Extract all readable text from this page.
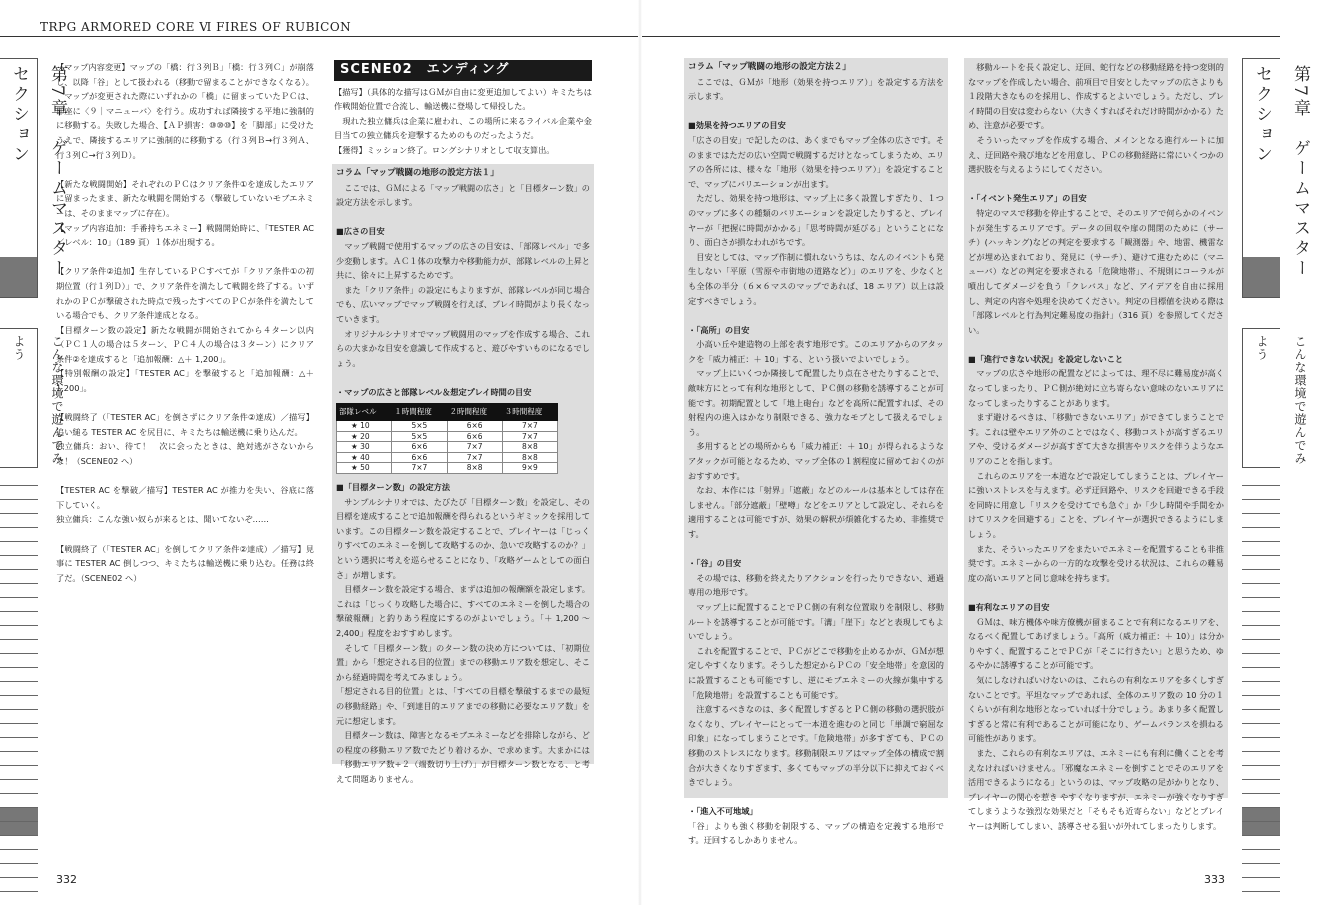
TRPG ARMORED CORE Ⅵ FIRES OF RUBICON
第7章　ゲームマスターセクション
こんな環境で遊んでみよう
第7章　ゲームマスターセクション
こんな環境で遊んでみよう

【マップ内容変更】マップの「橋：行３列Ｂ」「橋：行３列Ｃ」が崩落し、以降「谷」として扱われる（移動で留まることができなくなる）。

　マップが変更された際にいずれかの「橋」に留まっていたＰＣは、即座に〈９｜マニューバ〉を行う。成功すれば隣接する平地に強制的に移動する。失敗した場合、【ＡＰ損害：⑩⑩⑩】を「脚部」に受けたうえで、隣接するエリアに強制的に移動する（行３列Ｂ→行３列Ａ、行３列Ｃ→行３列Ｄ）。

【新たな戦闘開始】それぞれのＰＣはクリア条件①を達成したエリアに留まったまま、新たな戦闘を開始する（撃破していないモブエネミーは、そのままマップに存在）。

【マップ内容追加：手番持ちエネミー】戦闘開始時に、「TESTER AC／レベル：10」（189 頁）１体が出現する。

【クリア条件②追加】生存しているＰＣすべてが「クリア条件①の初期位置（行１列Ｄ）」で、クリア条件を満たして戦闘を終了する。いずれかのＰＣが撃破された時点で残ったすべてのＰＣが条件を満たしている場合でも、クリア条件達成となる。

【目標ターン数の設定】新たな戦闘が開始されてから４ターン以内（ＰＣ１人の場合は５ターン、ＰＣ４人の場合は３ターン）にクリア条件②を達成すると「追加報酬：△＋ 1,200」。

【特別報酬の設定】「TESTER AC」を撃破すると「追加報酬：△＋ 1,200」。

【戦闘終了（「TESTER AC」を倒さずにクリア条件②達成）／描写】追い縋る TESTER AC を尻目に、キミたちは輸送機に乗り込んだ。

独立傭兵：おい、待て！　次に会ったときは、絶対逃がさないからな！（SCENE02 へ）

【TESTER AC を撃破／描写】TESTER AC が推力を失い、谷底に落下していく。

独立傭兵：こんな強い奴らが来るとは、聞いてないぞ……

【戦闘終了（「TESTER AC」を倒してクリア条件②達成）／描写】見事に TESTER AC 倒しつつ、キミたちは輸送機に乗り込む。任務は終了だ。（SCENE02 へ）

SCENE02　エンディング

【描写】（具体的な描写はＧＭが自由に変更追加してよい）キミたちは作戦開始位置で合流し、輸送機に登場して帰投した。

　現れた独立傭兵は企業に雇われ、この場所に来るライバル企業や金目当ての独立傭兵を迎撃するためのものだったようだ。

【獲得】ミッション終了。ロングシナリオとして収支算出。

コラム「マップ戦闘の地形の設定方法１」

　ここでは、ＧＭによる「マップ戦闘の広さ」と「目標ターン数」の設定方法を示します。

■広さの目安

　マップ戦闘で使用するマップの広さの目安は、「部隊レベル」で多少変動します。ＡＣ１体の攻撃力や移動能力が、部隊レベルの上昇と共に、徐々に上昇するためです。

　また「クリア条件」の設定にもよりますが、部隊レベルが同じ場合でも、広いマップでマップ戦闘を行えば、プレイ時間がより長くなっていきます。

　オリジナルシナリオでマップ戦闘用のマップを作成する場合、これらの大まかな目安を意識して作成すると、遊びやすいものになるでしょう。

・マップの広さと部隊レベル＆想定プレイ時間の目安

部隊レベル	１時間程度	２時間程度	３時間程度
★ 10	5×5	6×6	7×7
★ 20	5×5	6×6	7×7
★ 30	6×6	7×7	8×8
★ 40	6×6	7×7	8×8
★ 50	7×7	8×8	9×9

■「目標ターン数」の設定方法

　サンプルシナリオでは、たびたび「目標ターン数」を設定し、その目標を達成することで追加報酬を得られるというギミックを採用しています。この目標ターン数を設定することで、プレイヤーは「じっくりすべてのエネミーを倒して攻略するのか、急いで攻略するのか？」という選択に考えを巡らせることになり、「攻略ゲームとしての面白さ」が増します。

　目標ターン数を設定する場合、まずは追加の報酬額を設定します。これは「じっくり攻略した場合に、すべてのエネミーを倒した場合の撃破報酬」と釣りあう程度にするのがよいでしょう。「＋ 1,200 ～ 2,400」程度をおすすめします。

　そして「目標ターン数」のターン数の決め方については、「初期位置」から「想定される目的位置」までの移動エリア数を想定し、そこから経過時間を考えてみましょう。

「想定される目的位置」とは、「すべての目標を撃破するまでの最短の移動経路」や、「到達目的エリアまでの移動に必要なエリア数」を元に想定します。

　目標ターン数は、障害となるモブエネミーなどを排除しながら、どの程度の移動エリア数でたどり着けるか、で求めます。大まかには「移動エリア数÷２（端数切り上げ）」が目標ターン数となる、と考えて問題ありません。

コラム「マップ戦闘の地形の設定方法２」

　ここでは、ＧＭが「地形（効果を持つエリア）」を設定する方法を示します。

■効果を持つエリアの目安

「広さの目安」で記したのは、あくまでもマップ全体の広さです。そのままではただの広い空間で戦闘するだけとなってしまうため、エリアの各所には、様々な「地形（効果を持つエリア）」を設定することで、マップにバリエーションが出ます。

　ただし、効果を持つ地形は、マップ上に多く設置しすぎたり、１つのマップに多くの種類のバリエーションを設定したりすると、プレイヤーが「把握に時間がかかる」「思考時間が延びる」ということになり、面白さが損なわれがちです。

　目安としては、マップ作制に慣れないうちは、なんのイベントも発生しない「平原（雪原や市街地の道路など）」のエリアを、少なくとも全体の半分（６×６マスのマップであれば、18 エリア）以上は設定すべきでしょう。

・「高所」の目安

　小高い丘や建造物の上部を表す地形です。このエリアからのアタックを「威力補正：＋ 10」する、という扱いでよいでしょう。

　マップ上にいくつか隣接して配置したり点在させたりすることで、敵味方にとって有利な地形として、ＰＣ側の移動を誘導することが可能です。初期配置として「地上砲台」などを高所に配置すれば、その射程内の進入はかなり制限できる、強力なモブとして扱えるでしょう。

　多用するとどの場所からも「威力補正：＋ 10」が得られるようなアタックが可能となるため、マップ全体の１割程度に留めておくのがおすすめです。

　なお、本作には「射界」「遮蔽」などのルールは基本としては存在しません。「部分遮蔽」「壁噂」などをエリアとして設定し、それらを適用することは可能ですが、効果の解釈が煩雑化するため、非推奨です。

・「谷」の目安

　その場では、移動を終えたりアクションを行ったりできない、通過専用の地形です。

　マップ上に配置することでＰＣ側の有利な位置取りを制限し、移動ルートを誘導することが可能です。「溝」「崖下」などと表現してもよいでしょう。

　これを配置することで、ＰＣがどこで移動を止めるかが、ＧＭが想定しやすくなります。そうした想定からＰＣの「安全地帯」を意図的に設置することも可能ですし、逆にモブエネミーの火線が集中する「危険地帯」を設置することも可能です。

　注意するべきなのは、多く配置しすぎるとＰＣ側の移動の選択肢がなくなり、プレイヤーにとって一本道を進むのと同じ「単調で窮屈な印象」になってしまうことです。「危険地帯」が多すぎても、ＰＣの移動のストレスになります。移動制限エリアはマップ全体の構成で割合が大きくなりすぎます、多くてもマップの半分以下に抑えておくべきでしょう。

・「進入不可地域」

「谷」よりも強く移動を制限する、マップの構造を定義する地形です。迂回するしかありません。

　移動ルートを長く設定し、迂回、蛇行などの移動経路を持つ変則的なマップを作成したい場合、前項目で目安としたマップの広さよりも１段階大きなものを採用し、作成するとよいでしょう。ただし、プレイ時間の目安は変わらない（大きくすればそれだけ時間がかかる）ため、注意が必要です。

　そういったマップを作成する場合、メインとなる進行ルートに加え、迂回路や飛び地などを用意し、ＰＣの移動経路に常にいくつかの選択肢を与えるようにしてください。

・「イベント発生エリア」の目安

　特定のマスで移動を停止することで、そのエリアで何らかのイベントが発生するエリアです。データの回収や扉の開閉のために（サーチ）(ハッキング)などの判定を要求する「観測器」や、地雷、機雷などが埋め込まれており、発見に（サーチ）、避けて進むために（マニューバ）などの判定を要求される「危険地帯」、不規則にコーラルが噴出してダメージを負う「クレバス」など、アイデアを自由に採用し、判定の内容や処理を決めてください。判定の目標値を決める際は「部隊レベルと行為判定難易度の指針」（316 頁）を参照してください。

■「進行できない状況」を設定しないこと

　マップの広さや地形の配置などによっては、理不尽に難易度が高くなってしまったり、ＰＣ側が絶対に立ち寄らない意味のないエリアになってしまったりすることがあります。

　まず避けるべきは、「移動できないエリア」ができてしまうことです。これは壁やエリア外のことではなく、移動コストが高すぎるエリアや、受けるダメージが高すぎて大きな損害やリスクを伴うようなエリアのことを指します。

　これらのエリアを一本道などで設定してしまうことは、プレイヤーに強いストレスを与えます。必ず迂回路や、リスクを回避できる手段を同時に用意し「リスクを受けてでも急ぐ」か「少し時間や手間をかけてリスクを回避する」ことを、プレイヤーが選択できるようにしましょう。

　また、そういったエリアをまたいでエネミーを配置することも非推奨です。エネミーからの一方的な攻撃を受ける状況は、これらの難易度の高いエリアと同じ意味を持ちます。

■有利なエリアの目安

　ＧＭは、味方機体や味方僚機が留まることで有利になるエリアを、なるべく配置してあげましょう。「高所（威力補正：＋ 10）」は分かりやすく、配置することでＰＣが「そこに行きたい」と思うため、ゆるやかに誘導することが可能です。

　気にしなければいけないのは、これらの有利なエリアを多くしすぎないことです。平坦なマップであれば、全体のエリア数の 10 分の１くらいが有利な地形となっていれば十分でしょう。あまり多く配置しすぎると常に有利であることが可能になり、ゲームバランスを損ねる可能性があります。

　また、これらの有利なエリアは、エネミーにも有利に働くことを考えなければいけません。「邪魔なエネミーを倒すことでそのエリアを活用できるようになる」というのは、マップ攻略の足がかりとなり、プレイヤーの関心を惹き やすくなりますが、エネミーが強くなりすぎてしまうような強烈な効果だと「そもそも近寄らない」などとプレイヤーは判断してしまい、誘導させる狙いが外れてしまったりします。

332	333
